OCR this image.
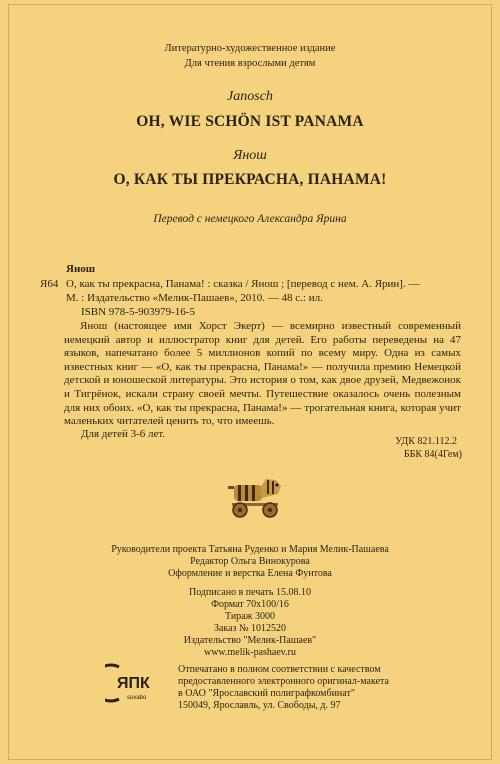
Литературно-художественное издание
Для чтения взрослыми детям
Janosch
OH, WIE SCHÖN IST PANAMA
Янош
О, КАК ТЫ ПРЕКРАСНА, ПАНАМА!
Перевод с немецкого Александра Ярина
Янош
Я64 О, как ты прекрасна, Панама! : сказка / Янош ; [перевод с нем. А. Ярин]. —
М. : Издательство «Мелик-Пашаев», 2010. — 48 с.: ил.
ISBN 978-5-903979-16-5

Янош (настоящее имя Хорст Экерт) — всемирно известный современный немецкий автор и иллюстратор книг для детей. Его работы переведены на 47 языков, напечатано более 5 миллионов копий по всему миру. Одна из самых известных книг — «О, как ты прекрасна, Панама!» — получила премию Немецкой детской и юношеской литературы. Это история о том, как двое друзей, Медвежонок и Тигрёнок, искали страну своей мечты. Путешествие оказалось очень полезным для них обоих. «О, как ты прекрасна, Панама!» — трогательная книга, которая учит маленьких читателей ценить то, что имеешь.

Для детей 3-6 лет.
УДК 821.112.2
ББК 84(4Гем)
Руководители проекта Татьяна Руденко и Мария Мелик-Пашаева
Редактор Ольга Винокурова
Оформление и верстка Елена Фунтова
Подписано в печать 15.08.10
Формат 70х100/16
Тираж 3000
Заказ № 1012520
Издательство "Мелик-Пашаев"
www.melik-pashaev.ru
ЯПК
suvabo
Отпечатано в полном соответствии с качеством
предоставленного электронного оригинал-макета
в ОАО "Ярославский полиграфкомбинат"
150049, Ярославль, ул. Свободы, д. 97
